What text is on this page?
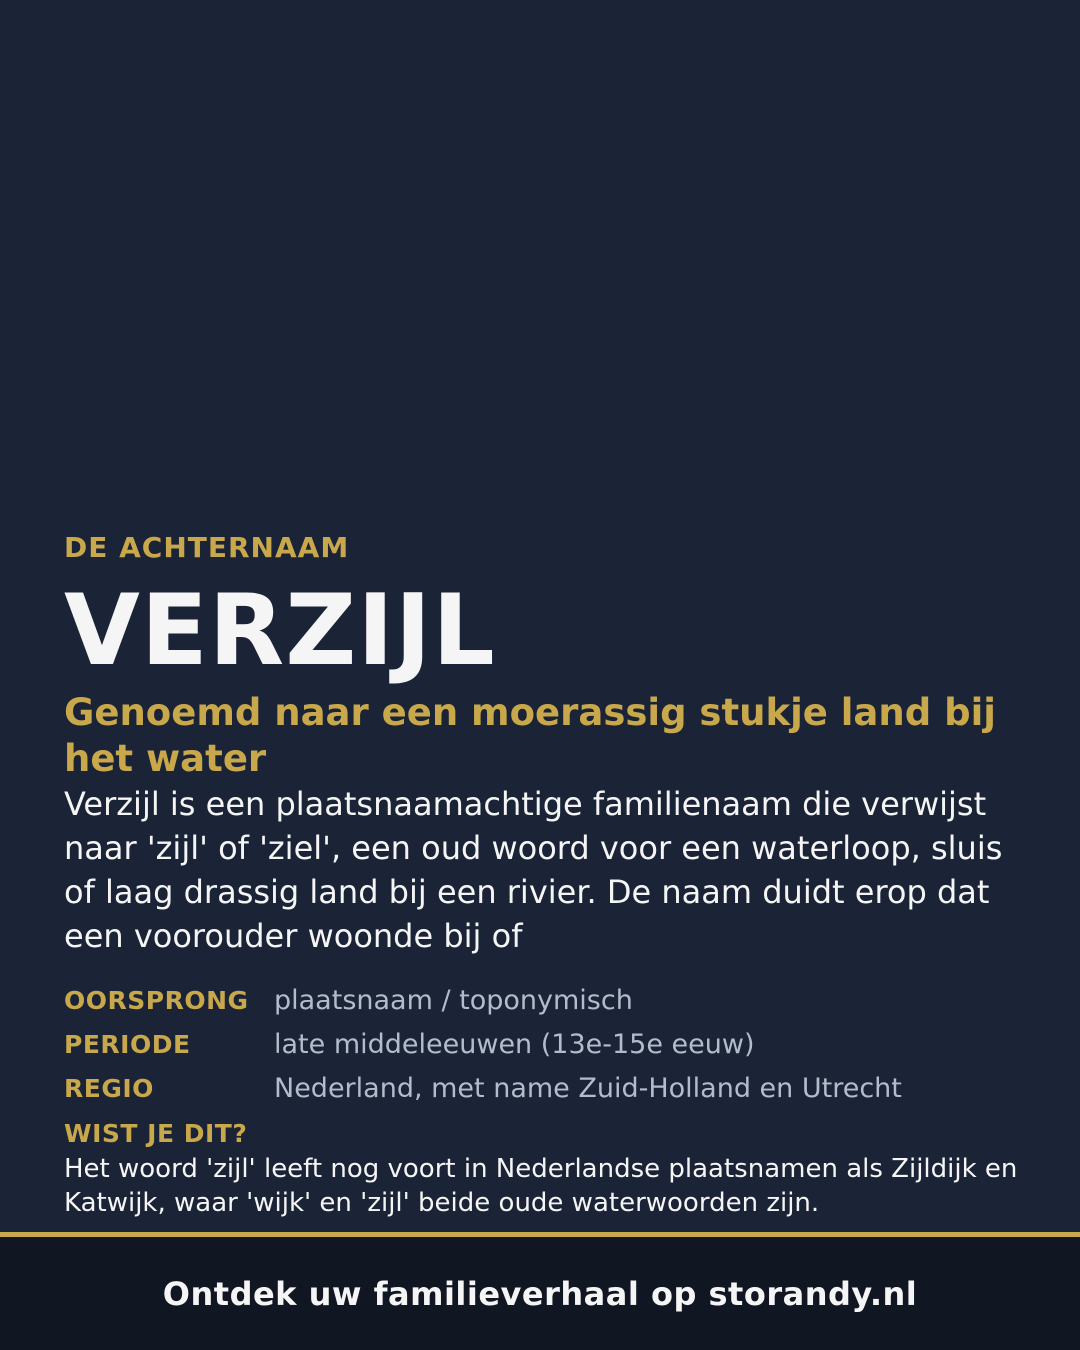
DE ACHTERNAAM
VERZIJL
Genoemd naar een moerassig stukje land bij het water
Verzijl is een plaatsnaamachtige familienaam die verwijst naar 'zijl' of 'ziel', een oud woord voor een waterloop, sluis of laag drassig land bij een rivier. De naam duidt erop dat een voorouder woonde bij of
OORSPRONG plaatsnaam / toponymisch
PERIODE	late middeleeuwen (13e-15e eeuw)
REGIO	Nederland, met name Zuid-Holland en Utrecht
WIST JE DIT?
Het woord 'zijl' leeft nog voort in Nederlandse plaatsnamen als Zijldijk en Katwijk, waar 'wijk' en 'zijl' beide oude waterwoorden zijn.
Ontdek uw familieverhaal op storandy.nl
